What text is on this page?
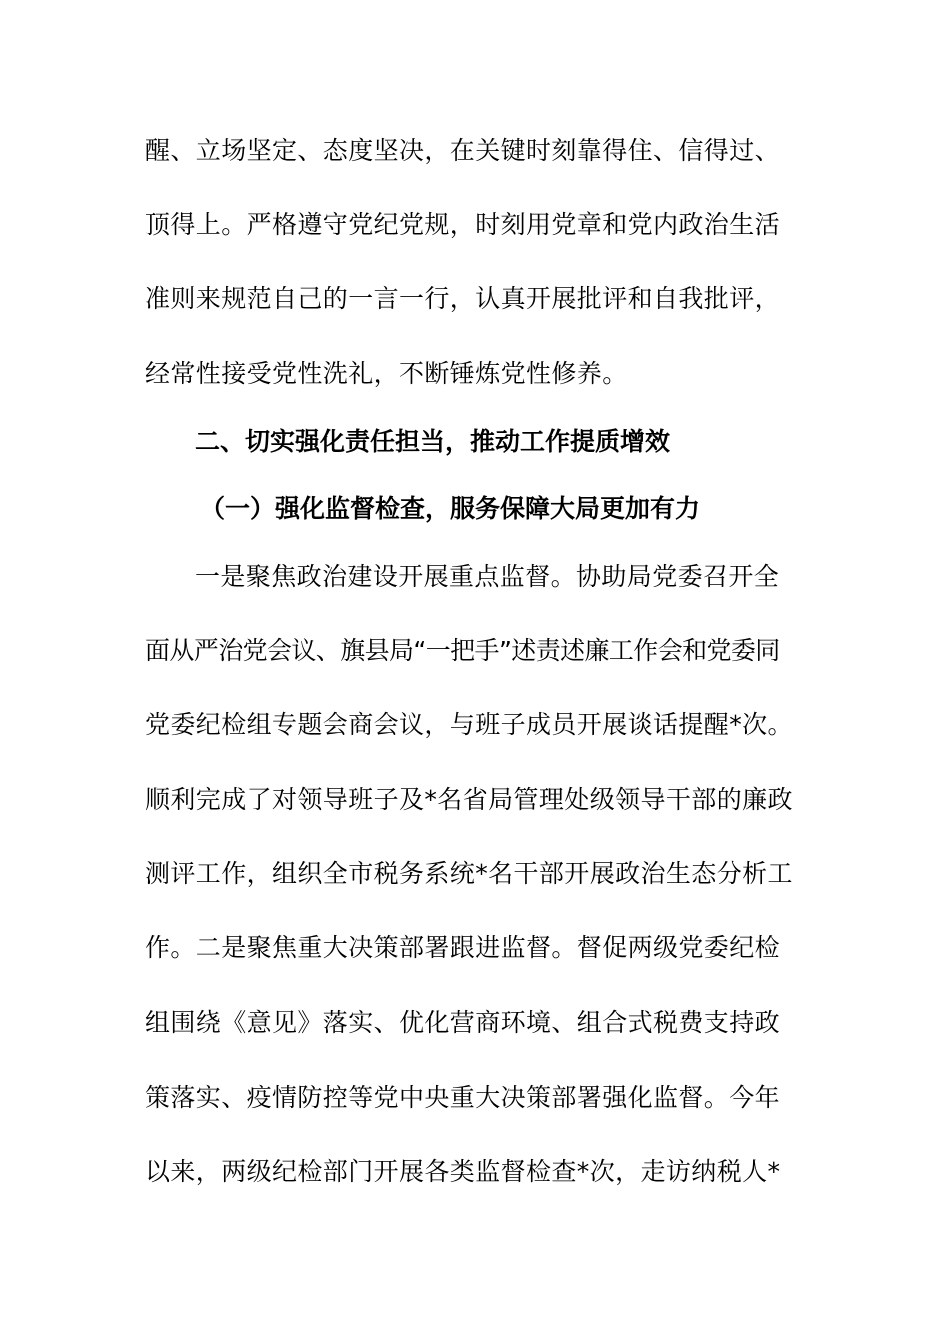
醒、立场坚定、态度坚决，在关键时刻靠得住、信得过、
顶得上。严格遵守党纪党规，时刻用党章和党内政治生活
准则来规范自己的一言一行，认真开展批评和自我批评，
经常性接受党性洗礼，不断锤炼党性修养。
二、切实强化责任担当，推动工作提质增效
（一）强化监督检查，服务保障大局更加有力
一是聚焦政治建设开展重点监督。协助局党委召开全
面从严治党会议、旗县局“一把手”述责述廉工作会和党委同
党委纪检组专题会商会议，与班子成员开展谈话提醒*次。
顺利完成了对领导班子及*名省局管理处级领导干部的廉政
测评工作，组织全市税务系统*名干部开展政治生态分析工
作。二是聚焦重大决策部署跟进监督。督促两级党委纪检
组围绕《意见》落实、优化营商环境、组合式税费支持政
策落实、疫情防控等党中央重大决策部署强化监督。今年
以来，两级纪检部门开展各类监督检查*次，走访纳税人*
